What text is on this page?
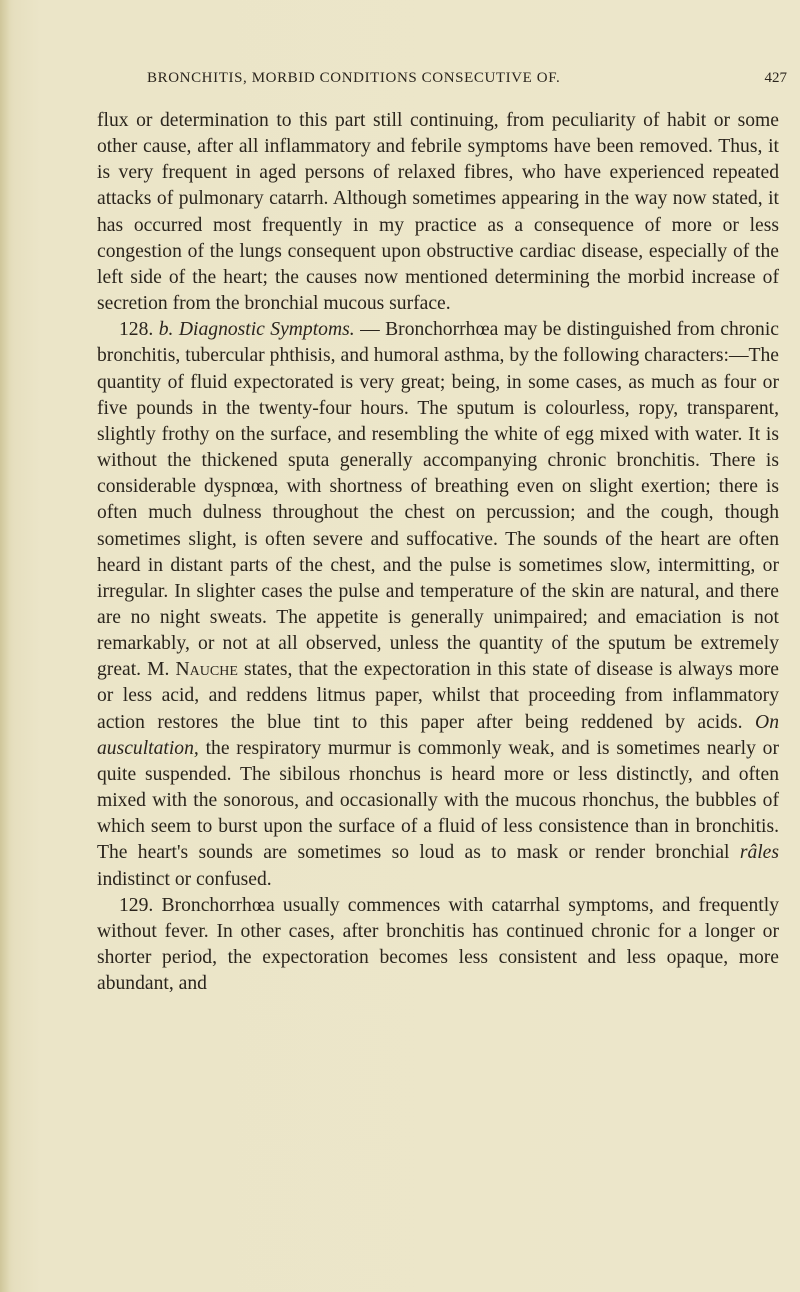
BRONCHITIS, MORBID CONDITIONS CONSECUTIVE OF.	427

flux or determination to this part still continuing, from peculiarity of habit or some other cause, after all inflammatory and febrile symptoms have been removed. Thus, it is very frequent in aged persons of relaxed fibres, who have experienced repeated attacks of pulmonary catarrh. Although sometimes appearing in the way now stated, it has occurred most frequently in my practice as a consequence of more or less congestion of the lungs consequent upon obstructive cardiac disease, especially of the left side of the heart; the causes now mentioned determining the morbid increase of secretion from the bronchial mucous surface.

128. b. Diagnostic Symptoms. — Bronchorrhœa may be distinguished from chronic bronchitis, tubercular phthisis, and humoral asthma, by the following characters:—The quantity of fluid expectorated is very great; being, in some cases, as much as four or five pounds in the twenty-four hours. The sputum is colourless, ropy, transparent, slightly frothy on the surface, and resembling the white of egg mixed with water. It is without the thickened sputa generally accompanying chronic bronchitis. There is considerable dyspnœa, with shortness of breathing even on slight exertion; there is often much dulness throughout the chest on percussion; and the cough, though sometimes slight, is often severe and suffocative. The sounds of the heart are often heard in distant parts of the chest, and the pulse is sometimes slow, intermitting, or irregular. In slighter cases the pulse and temperature of the skin are natural, and there are no night sweats. The appetite is generally unimpaired; and emaciation is not remarkably, or not at all observed, unless the quantity of the sputum be extremely great. M. Nauche states, that the expectoration in this state of disease is always more or less acid, and reddens litmus paper, whilst that proceeding from inflammatory action restores the blue tint to this paper after being reddened by acids. On auscultation, the respiratory murmur is commonly weak, and is sometimes nearly or quite suspended. The sibilous rhonchus is heard more or less distinctly, and often mixed with the sonorous, and occasionally with the mucous rhonchus, the bubbles of which seem to burst upon the surface of a fluid of less consistence than in bronchitis. The heart's sounds are sometimes so loud as to mask or render bronchial râles indistinct or confused.

129. Bronchorrhœa usually commences with catarrhal symptoms, and frequently without fever. In other cases, after bronchitis has continued chronic for a longer or shorter period, the expectoration becomes less consistent and less opaque, more abundant, and
